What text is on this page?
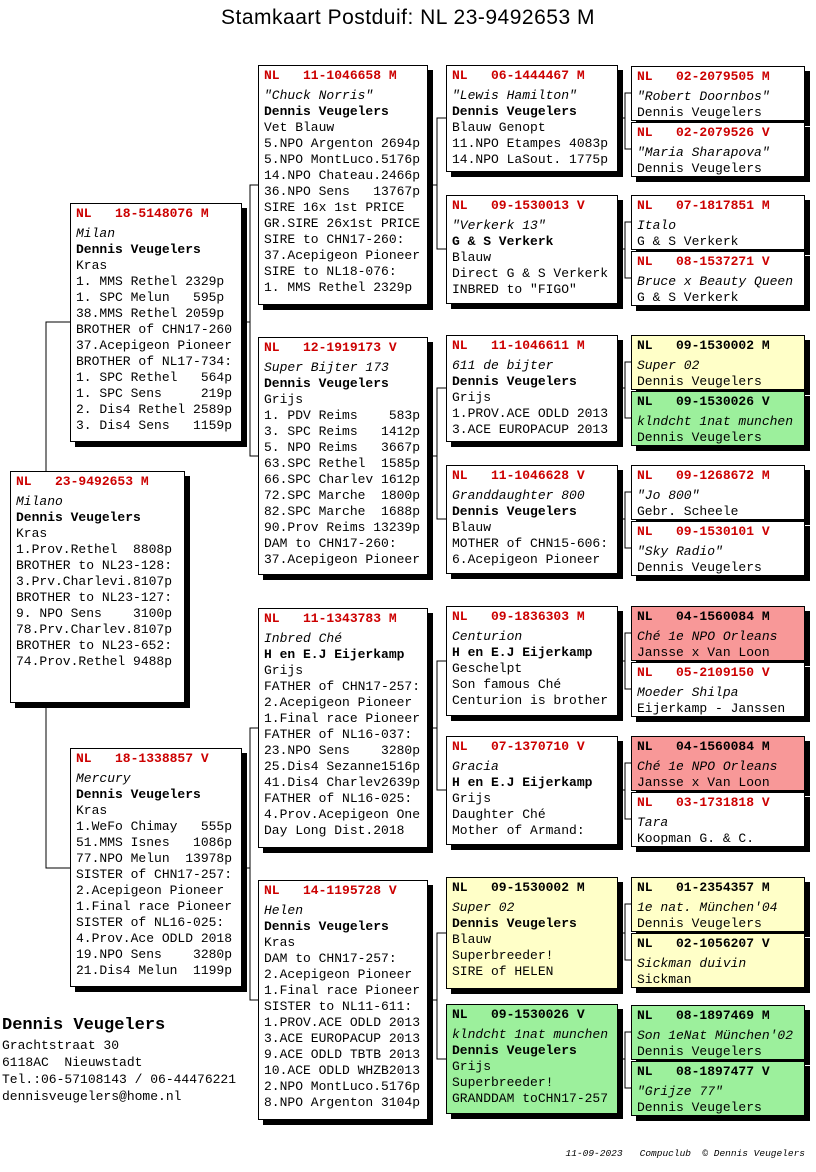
Stamkaart Postduif: NL 23-9492653 M
NL   23-9492653 M
Milano
Dennis Veugelers
Kras
1.Prov.Rethel  8808p
BROTHER to NL23-128:
3.Prv.Charlevi.8107p
BROTHER to NL23-127:
9. NPO Sens    3100p
78.Prv.Charlev.8107p
BROTHER to NL23-652:
74.Prov.Rethel 9488p
NL   18-5148076 M
Milan
Dennis Veugelers
Kras
1. MMS Rethel 2329p
1. SPC Melun   595p
38.MMS Rethel 2059p
BROTHER of CHN17-260
37.Acepigeon Pioneer
BROTHER of NL17-734:
1. SPC Rethel   564p
1. SPC Sens     219p
2. Dis4 Rethel 2589p
3. Dis4 Sens   1159p
NL   18-1338857 V
Mercury
Dennis Veugelers
Kras
1.WeFo Chimay   555p
51.MMS Isnes   1086p
77.NPO Melun  13978p
SISTER of CHN17-257:
2.Acepigeon Pioneer
1.Final race Pioneer
SISTER of NL16-025:
4.Prov.Ace ODLD 2018
19.NPO Sens    3280p
21.Dis4 Melun  1199p
NL   11-1046658 M
"Chuck Norris"
Dennis Veugelers
Vet Blauw
5.NPO Argenton 2694p
5.NPO MontLuco.5176p
14.NPO Chateau.2466p
36.NPO Sens   13767p
SIRE 16x 1st PRICE
GR.SIRE 26x1st PRICE
SIRE to CHN17-260:
37.Acepigeon Pioneer
SIRE to NL18-076:
1. MMS Rethel 2329p
NL   12-1919173 V
Super Bijter 173
Dennis Veugelers
Grijs
1. PDV Reims    583p
3. SPC Reims   1412p
5. NPO Reims   3667p
63.SPC Rethel  1585p
66.SPC Charlev 1612p
72.SPC Marche  1800p
82.SPC Marche  1688p
90.Prov Reims 13239p
DAM to CHN17-260:
37.Acepigeon Pioneer
NL   11-1343783 M
Inbred Ché
H en E.J Eijerkamp
Grijs
FATHER of CHN17-257:
2.Acepigeon Pioneer
1.Final race Pioneer
FATHER of NL16-037:
23.NPO Sens    3280p
25.Dis4 Sezanne1516p
41.Dis4 Charlev2639p
FATHER of NL16-025:
4.Prov.Acepigeon One
Day Long Dist.2018
NL   14-1195728 V
Helen
Dennis Veugelers
Kras
DAM to CHN17-257:
2.Acepigeon Pioneer
1.Final race Pioneer
SISTER to NL11-611:
1.PROV.ACE ODLD 2013
3.ACE EUROPACUP 2013
9.ACE ODLD TBTB 2013
10.ACE ODLD WHZB2013
2.NPO MontLuco.5176p
8.NPO Argenton 3104p
NL   06-1444467 M
"Lewis Hamilton"
Dennis Veugelers
Blauw Genopt
11.NPO Etampes 4083p
14.NPO LaSout. 1775p
NL   09-1530013 V
"Verkerk 13"
G & S Verkerk
Blauw
Direct G & S Verkerk
INBRED to "FIGO"
NL   11-1046611 M
611 de bijter
Dennis Veugelers
Grijs
1.PROV.ACE ODLD 2013
3.ACE EUROPACUP 2013
NL   11-1046628 V
Granddaughter 800
Dennis Veugelers
Blauw
MOTHER of CHN15-606:
6.Acepigeon Pioneer
NL   09-1836303 M
Centurion
H en E.J Eijerkamp
Geschelpt
Son famous Ché
Centurion is brother
NL   07-1370710 V
Gracia
H en E.J Eijerkamp
Grijs
Daughter Ché
Mother of Armand:
NL   09-1530002 M
Super 02
Dennis Veugelers
Blauw
Superbreeder!
SIRE of HELEN
NL   09-1530026 V
klndcht 1nat munchen
Dennis Veugelers
Grijs
Superbreeder!
GRANDDAM toCHN17-257
NL   02-2079505 M
"Robert Doornbos"
Dennis Veugelers
NL   02-2079526 V
"Maria Sharapova"
Dennis Veugelers
NL   07-1817851 M
Italo
G & S Verkerk
NL   08-1537271 V
Bruce x Beauty Queen
G & S Verkerk
NL   09-1530002 M
Super 02
Dennis Veugelers
NL   09-1530026 V
klndcht 1nat munchen
Dennis Veugelers
NL   09-1268672 M
"Jo 800"
Gebr. Scheele
NL   09-1530101 V
"Sky Radio"
Dennis Veugelers
NL   04-1560084 M
Ché 1e NPO Orleans
Jansse x Van Loon
NL   05-2109150 V
Moeder Shilpa
Eijerkamp - Janssen
NL   04-1560084 M
Ché 1e NPO Orleans
Jansse x Van Loon
NL   03-1731818 V
Tara
Koopman G. & C.
NL   01-2354357 M
1e nat. München'04
Dennis Veugelers
NL   02-1056207 V
Sickman duivin
Sickman
NL   08-1897469 M
Son 1eNat München'02
Dennis Veugelers
NL   08-1897477 V
"Grijze 77"
Dennis Veugelers
Dennis Veugelers
Grachtstraat 30
6118AC  Nieuwstadt
Tel.:06-57108143 / 06-44476221
dennisveugelers@home.nl
11-09-2023   Compuclub  © Dennis Veugelers
